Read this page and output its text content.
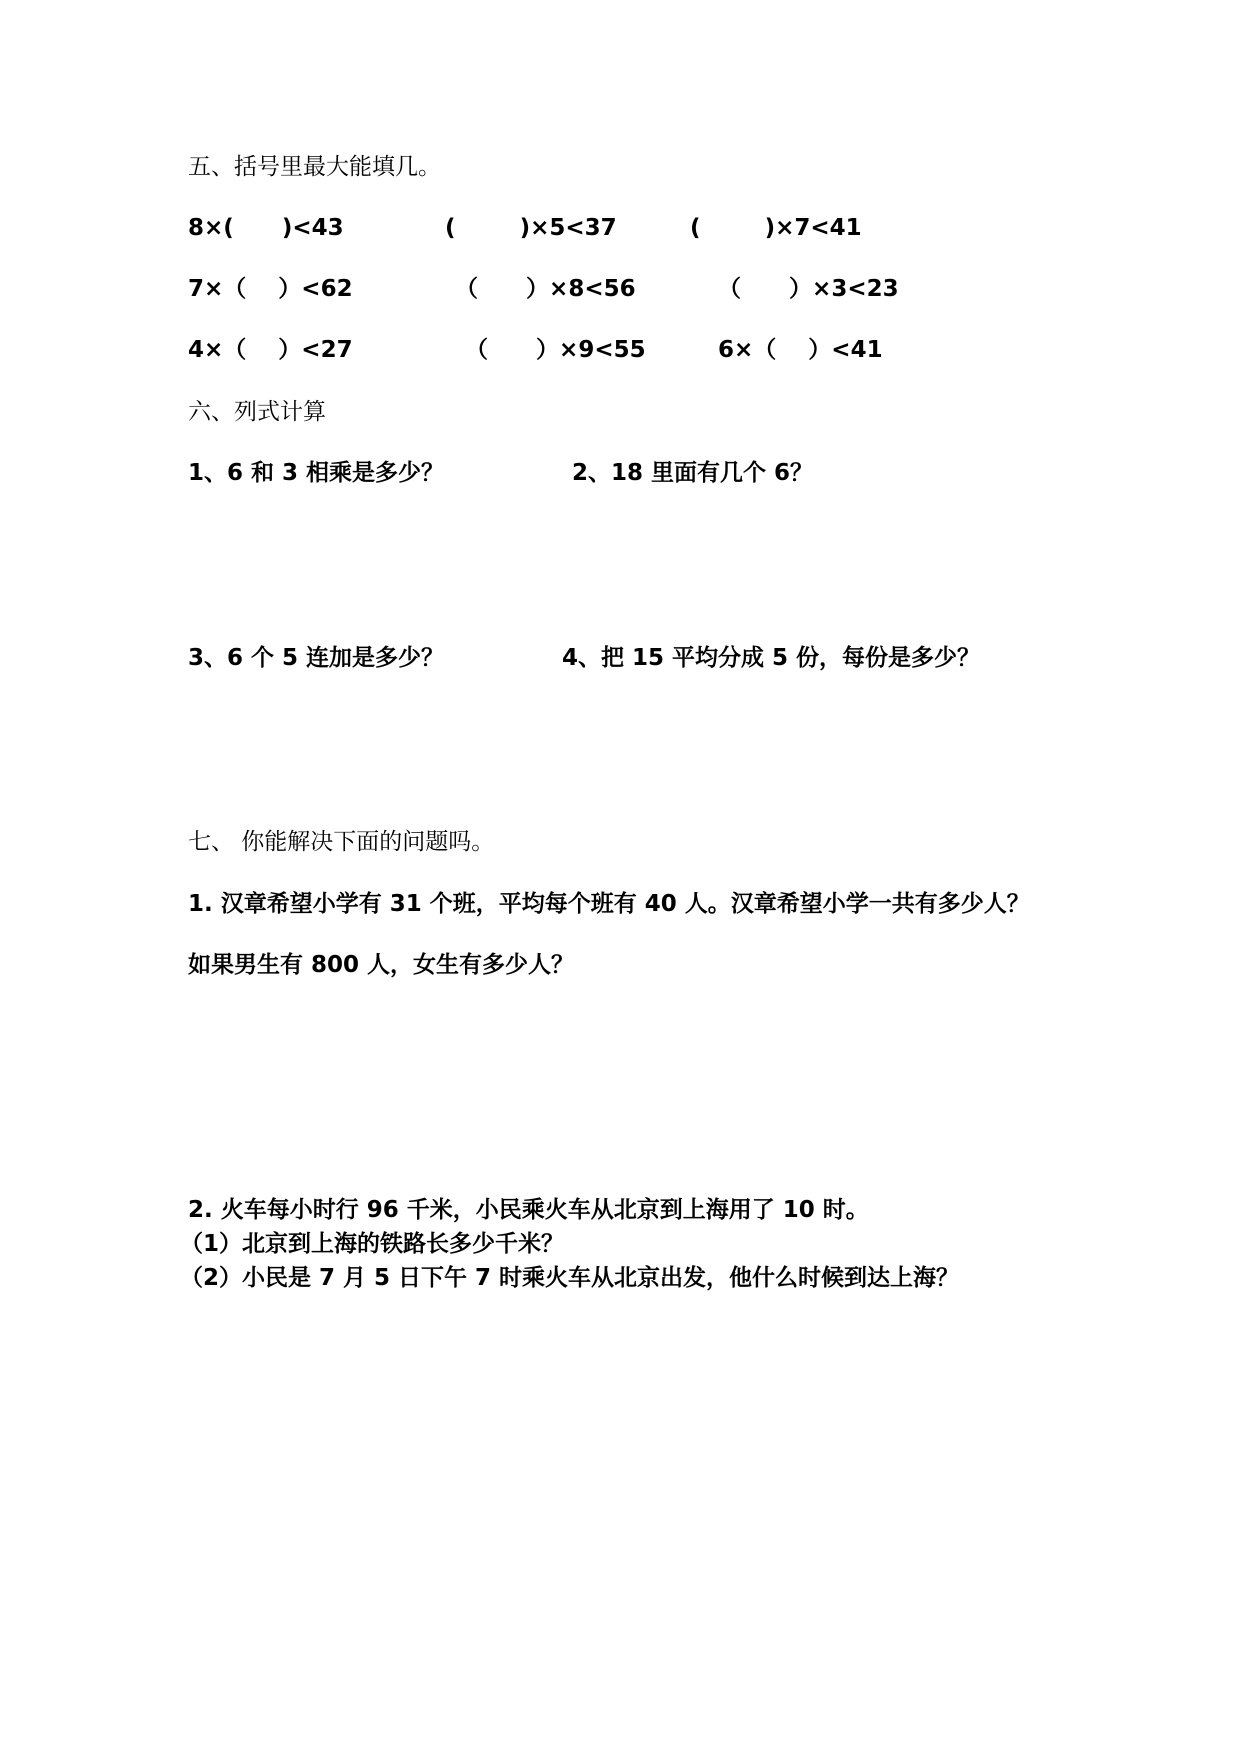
五、括号里最大能填几。
8×(      )<43	(        )×5<37	(        )×7<41
7×（    ）<62	（      ）×8<56	（      ）×3<23
4×（    ）<27	（      ）×9<55	6×（    ）<41
六、列式计算
1、6 和 3 相乘是多少？	2、18 里面有几个 6？
3、6 个 5 连加是多少？	4、把 15 平均分成 5 份，每份是多少？
七、 你能解决下面的问题吗。
1. 汉章希望小学有 31 个班，平均每个班有 40 人。汉章希望小学一共有多少人？
如果男生有 800 人，女生有多少人？
2. 火车每小时行 96 千米，小民乘火车从北京到上海用了 10 时。
（1）北京到上海的铁路长多少千米？
（2）小民是 7 月 5 日下午 7 时乘火车从北京出发，他什么时候到达上海？
